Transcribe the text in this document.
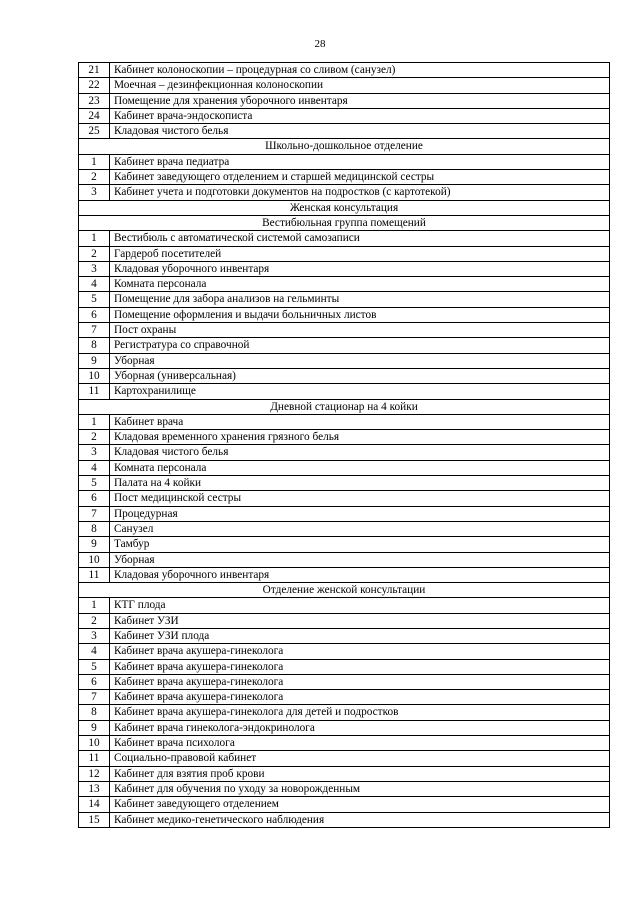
28
21	Кабинет колоноскопии – процедурная со сливом (санузел)
22	Моечная – дезинфекционная колоноскопии
23	Помещение для хранения уборочного инвентаря
24	Кабинет врача-эндоскописта
25	Кладовая чистого белья
Школьно-дошкольное отделение	
1	Кабинет врача педиатра
2	Кабинет заведующего отделением и старшей медицинской сестры
3	Кабинет учета и подготовки документов на подростков (с картотекой)
Женская консультация	
Вестибюльная группа помещений	
1	Вестибюль с автоматической системой самозаписи
2	Гардероб посетителей
3	Кладовая уборочного инвентаря
4	Комната персонала
5	Помещение для забора анализов на гельминты
6	Помещение оформления и выдачи больничных листов
7	Пост охраны
8	Регистратура со справочной
9	Уборная
10	Уборная (универсальная)
11	Картохранилище
Дневной стационар на 4 койки	
1	Кабинет врача
2	Кладовая временного хранения грязного белья
3	Кладовая чистого белья
4	Комната персонала
5	Палата на 4 койки
6	Пост медицинской сестры
7	Процедурная
8	Санузел
9	Тамбур
10	Уборная
11	Кладовая уборочного инвентаря
Отделение женской консультации	
1	КТГ плода
2	Кабинет УЗИ
3	Кабинет УЗИ плода
4	Кабинет врача акушера-гинеколога
5	Кабинет врача акушера-гинеколога
6	Кабинет врача акушера-гинеколога
7	Кабинет врача акушера-гинеколога
8	Кабинет врача акушера-гинеколога для детей и подростков
9	Кабинет врача гинеколога-эндокринолога
10	Кабинет врача психолога
11	Социально-правовой кабинет
12	Кабинет для взятия проб крови
13	Кабинет для обучения по уходу за новорожденным
14	Кабинет заведующего отделением
15	Кабинет медико-генетического наблюдения
